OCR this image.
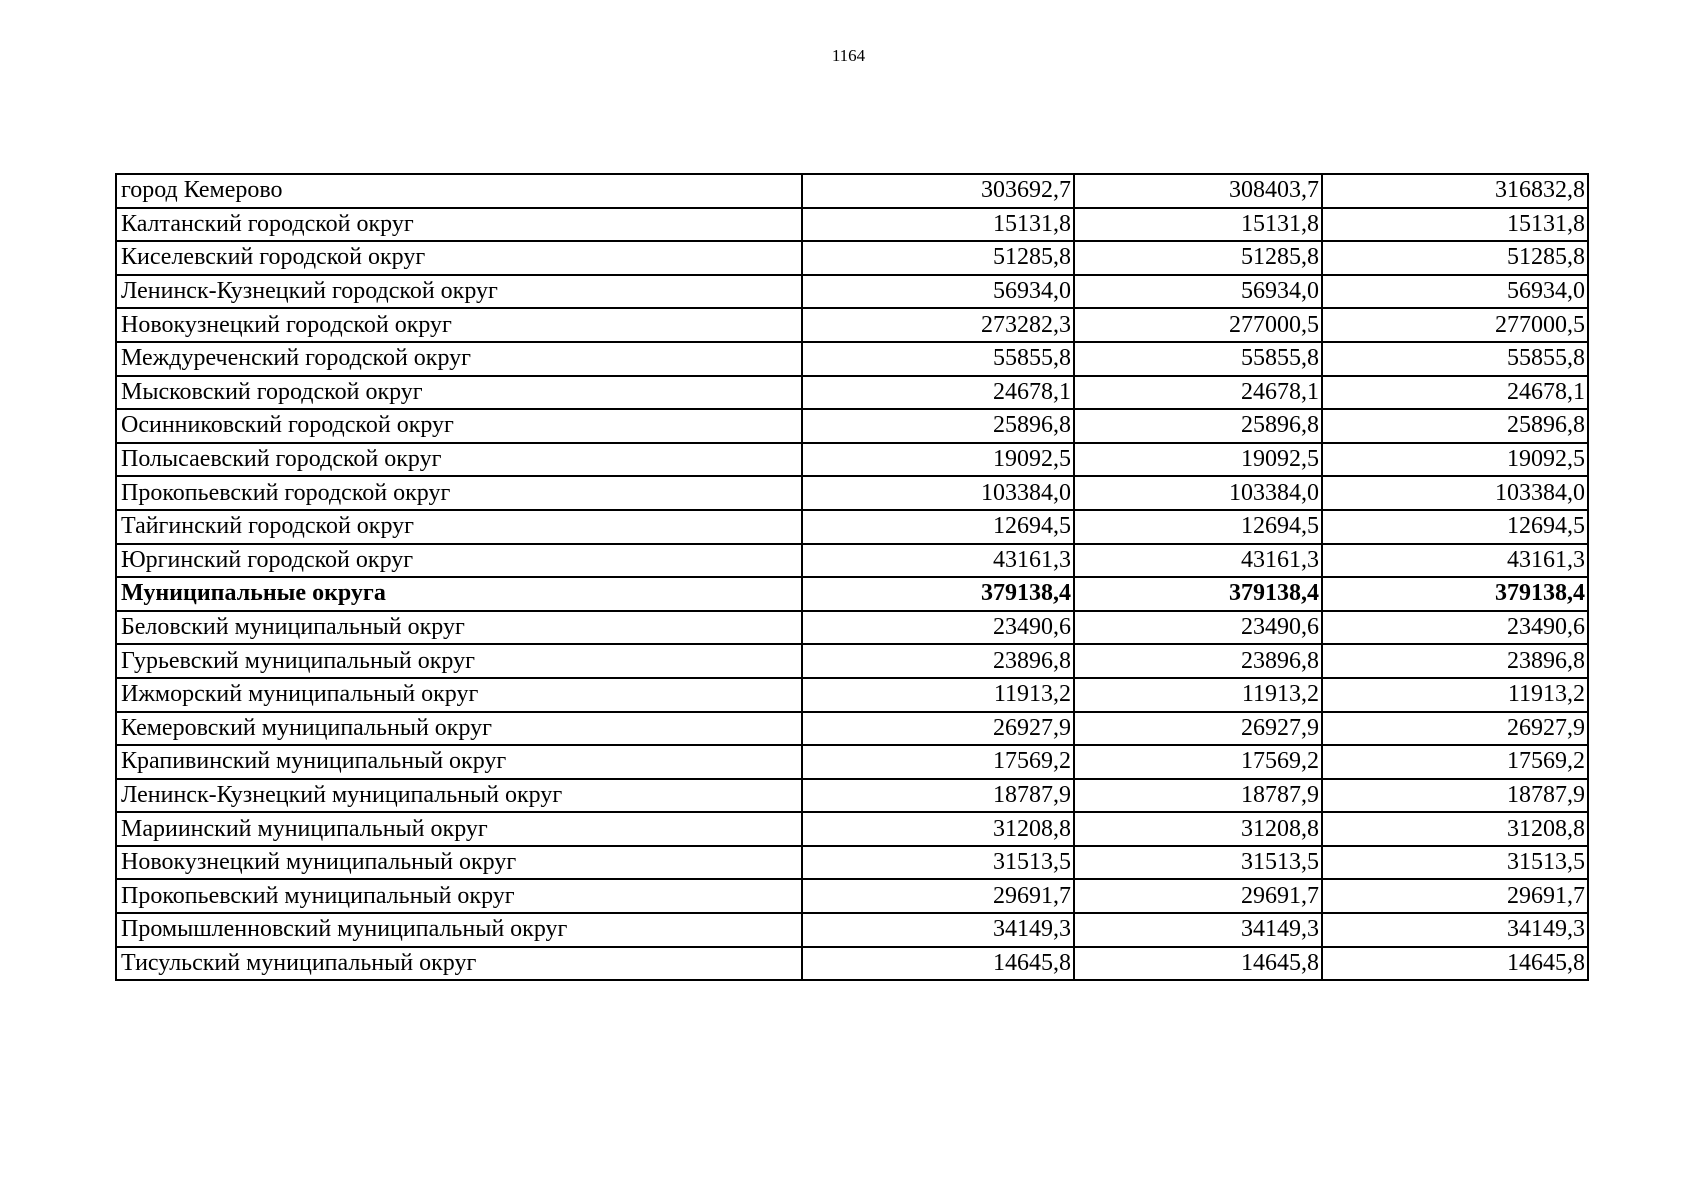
1164
город Кемерово	303692,7	308403,7	316832,8
Калтанский городской округ	15131,8	15131,8	15131,8
Киселевский городской округ	51285,8	51285,8	51285,8
Ленинск-Кузнецкий городской округ	56934,0	56934,0	56934,0
Новокузнецкий городской округ	273282,3	277000,5	277000,5
Междуреченский городской округ	55855,8	55855,8	55855,8
Мысковский городской округ	24678,1	24678,1	24678,1
Осинниковский городской округ	25896,8	25896,8	25896,8
Полысаевский городской округ	19092,5	19092,5	19092,5
Прокопьевский городской округ	103384,0	103384,0	103384,0
Тайгинский городской округ	12694,5	12694,5	12694,5
Юргинский городской округ	43161,3	43161,3	43161,3
Муниципальные округа	379138,4	379138,4	379138,4
Беловский муниципальный округ	23490,6	23490,6	23490,6
Гурьевский муниципальный округ	23896,8	23896,8	23896,8
Ижморский муниципальный округ	11913,2	11913,2	11913,2
Кемеровский муниципальный округ	26927,9	26927,9	26927,9
Крапивинский муниципальный округ	17569,2	17569,2	17569,2
Ленинск-Кузнецкий муниципальный округ	18787,9	18787,9	18787,9
Мариинский муниципальный округ	31208,8	31208,8	31208,8
Новокузнецкий муниципальный округ	31513,5	31513,5	31513,5
Прокопьевский муниципальный округ	29691,7	29691,7	29691,7
Промышленновский муниципальный округ	34149,3	34149,3	34149,3
Тисульский муниципальный округ	14645,8	14645,8	14645,8
